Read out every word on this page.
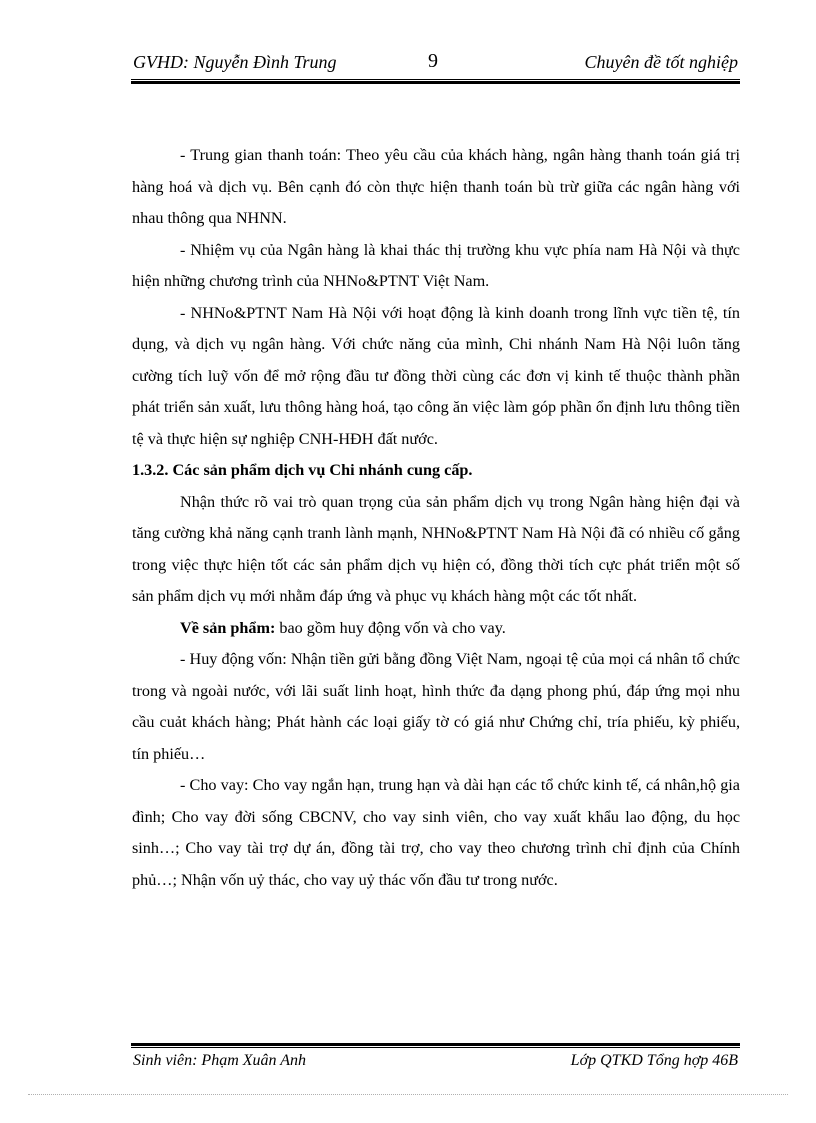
GVHD: Nguyễn Đình Trung	9	Chuyên đề tốt nghiệp

- Trung gian thanh toán: Theo yêu cầu của khách hàng, ngân hàng thanh toán giá trị hàng hoá và dịch vụ. Bên cạnh đó còn thực hiện thanh toán bù trừ giữa các ngân hàng với nhau thông qua NHNN.

- Nhiệm vụ của Ngân hàng là khai thác thị trường khu vực phía nam Hà Nội và thực hiện những chương trình của NHNo&PTNT Việt Nam.

- NHNo&PTNT Nam Hà Nội với hoạt động là kinh doanh trong lĩnh vực tiền tệ, tín dụng, và dịch vụ ngân hàng. Với chức năng của mình, Chi nhánh Nam Hà Nội luôn tăng cường tích luỹ vốn để mở rộng đầu tư đồng thời cùng các đơn vị kinh tế thuộc thành phần phát triển sản xuất, lưu thông hàng hoá, tạo công ăn việc làm góp phần ổn định lưu thông tiền tệ và thực hiện sự nghiệp CNH-HĐH đất nước.

1.3.2. Các sản phẩm dịch vụ Chi nhánh cung cấp.

Nhận thức rõ vai trò quan trọng của sản phẩm dịch vụ trong Ngân hàng hiện đại và tăng cường khả năng cạnh tranh lành mạnh, NHNo&PTNT Nam Hà Nội đã có nhiều cố gắng trong việc thực hiện tốt các sản phẩm dịch vụ hiện có, đồng thời tích cực phát triển một số sản phẩm dịch vụ mới nhằm đáp ứng và phục vụ khách hàng một các tốt nhất.

Về sản phẩm: bao gồm huy động vốn và cho vay.

- Huy động vốn: Nhận tiền gửi bằng đồng Việt Nam, ngoại tệ của mọi cá nhân tổ chức trong và ngoài nước, với lãi suất linh hoạt, hình thức đa dạng phong phú, đáp ứng mọi nhu cầu cuảt khách hàng; Phát hành các loại giấy tờ có giá như Chứng chỉ, tría phiếu, kỳ phiếu, tín phiếu…

- Cho vay: Cho vay ngắn hạn, trung hạn và dài hạn các tổ chức kinh tế, cá nhân,hộ gia đình; Cho vay đời sống CBCNV, cho vay sinh viên, cho vay xuất khẩu lao động, du học sinh…; Cho vay tài trợ dự án, đồng tài trợ, cho vay theo chương trình chỉ định của Chính phủ…; Nhận vốn uỷ thác, cho vay uỷ thác vốn đầu tư trong nước.

Sinh viên: Phạm Xuân Anh	Lớp QTKD Tổng hợp 46B
